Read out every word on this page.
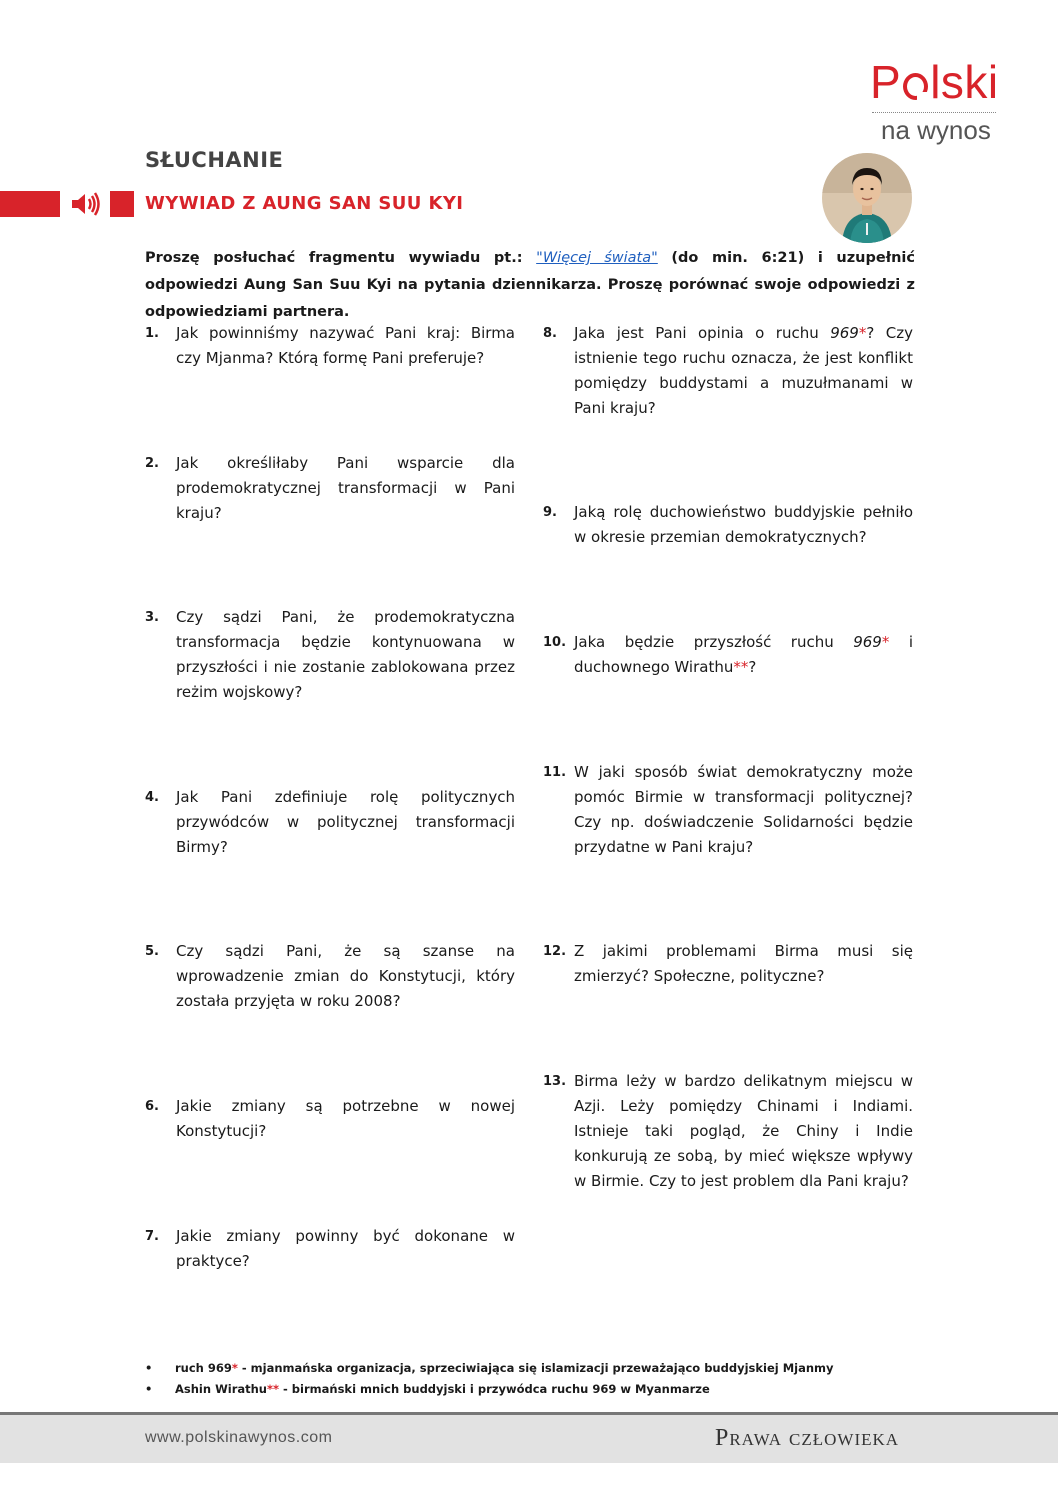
P lski
na wynos
SŁUCHANIE
WYWIAD Z AUNG SAN SUU KYI
Proszę posłuchać fragmentu wywiadu pt.: "Więcej świata" (do min. 6:21) i uzupełnić odpowiedzi Aung San Suu Kyi na pytania dziennikarza. Proszę porównać swoje odpowiedzi z odpowiedziami partnera.
1. Jak powinniśmy nazywać Pani kraj: Birma czy Mjanma? Którą formę Pani preferuje?
2. Jak określiłaby Pani wsparcie dla prodemokratycznej transformacji w Pani kraju?
3. Czy sądzi Pani, że prodemokratyczna transformacja będzie kontynuowana w przyszłości i nie zostanie zablokowana przez reżim wojskowy?
4. Jak Pani zdefiniuje rolę politycznych przywódców w politycznej transformacji Birmy?
5. Czy sądzi Pani, że są szanse na wprowadzenie zmian do Konstytucji, który została przyjęta w roku 2008?
6. Jakie zmiany są potrzebne w nowej Konstytucji?
7. Jakie zmiany powinny być dokonane w praktyce?
8. Jaka jest Pani opinia o ruchu 969*? Czy istnienie tego ruchu oznacza, że jest konflikt pomiędzy buddystami a muzułmanami w Pani kraju?
9. Jaką rolę duchowieństwo buddyjskie pełniło w okresie przemian demokratycznych?
10. Jaka będzie przyszłość ruchu 969* i duchownego Wirathu**?
11. W jaki sposób świat demokratyczny może pomóc Birmie w transformacji politycznej? Czy np. doświadczenie Solidarności będzie przydatne w Pani kraju?
12. Z jakimi problemami Birma musi się zmierzyć? Społeczne, polityczne?
13. Birma leży w bardzo delikatnym miejscu w Azji. Leży pomiędzy Chinami i Indiami. Istnieje taki pogląd, że Chiny i Indie konkurują ze sobą, by mieć większe wpływy w Birmie. Czy to jest problem dla Pani kraju?
• ruch 969* - mjanmańska organizacja, sprzeciwiająca się islamizacji przeważająco buddyjskiej Mjanmy
• Ashin Wirathu** - birmański mnich buddyjski i przywódca ruchu 969 w Myanmarze
www.polskinawynos.com	Prawa człowieka
